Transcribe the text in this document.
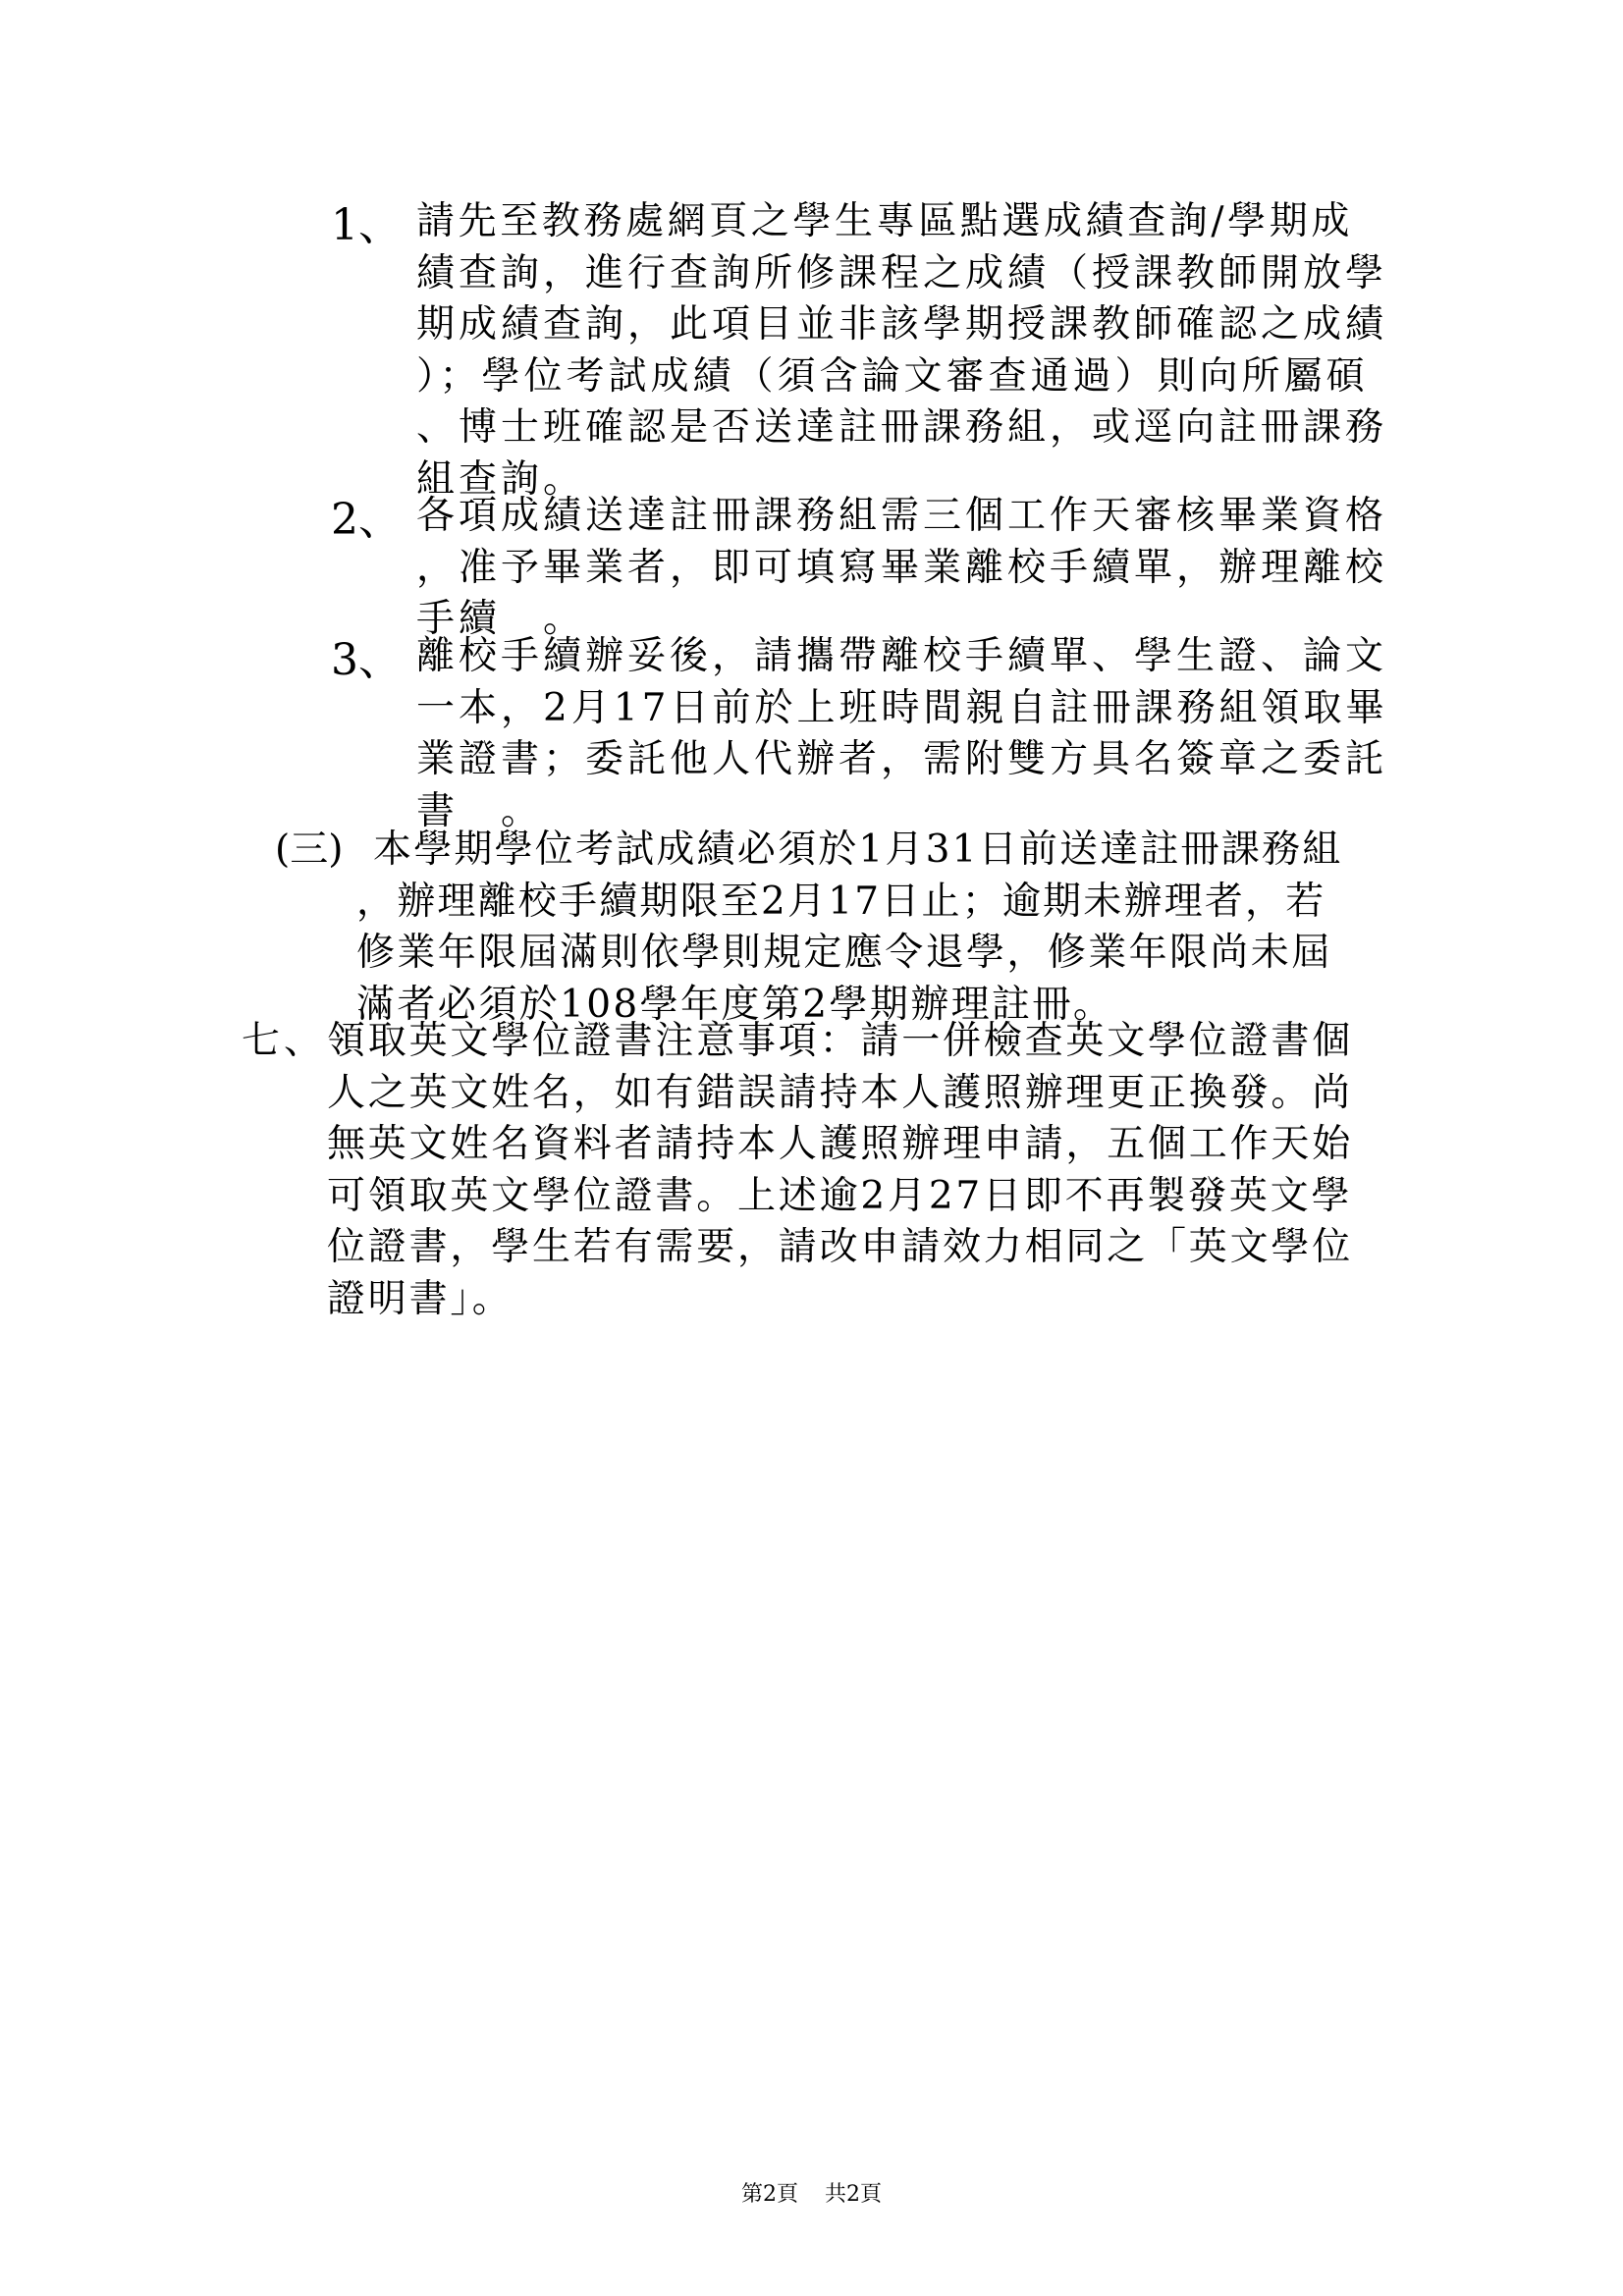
1、 請先至教務處網頁之學生專區點選成績查詢/學期成
績查詢，進行查詢所修課程之成績（授課教師開放學
期成績查詢，此項目並非該學期授課教師確認之成績
）；學位考試成績（須含論文審查通過）則向所屬碩
、博士班確認是否送達註冊課務組，或逕向註冊課務
組查詢。
2、 各項成績送達註冊課務組需三個工作天審核畢業資格
，准予畢業者，即可填寫畢業離校手續單，辦理離校
手續　。
3、 離校手續辦妥後，請攜帶離校手續單、學生證、論文
一本，2月17日前於上班時間親自註冊課務組領取畢
業證書；委託他人代辦者，需附雙方具名簽章之委託
書　。
(三) 本學期學位考試成績必須於1月31日前送達註冊課務組
，辦理離校手續期限至2月17日止；逾期未辦理者，若
修業年限屆滿則依學則規定應令退學，修業年限尚未屆
滿者必須於108學年度第2學期辦理註冊。
七、 領取英文學位證書注意事項：請一併檢查英文學位證書個
人之英文姓名，如有錯誤請持本人護照辦理更正換發。尚
無英文姓名資料者請持本人護照辦理申請，五個工作天始
可領取英文學位證書。上述逾2月27日即不再製發英文學
位證書，學生若有需要，請改申請效力相同之「英文學位
證明書」。
第2頁 共2頁
